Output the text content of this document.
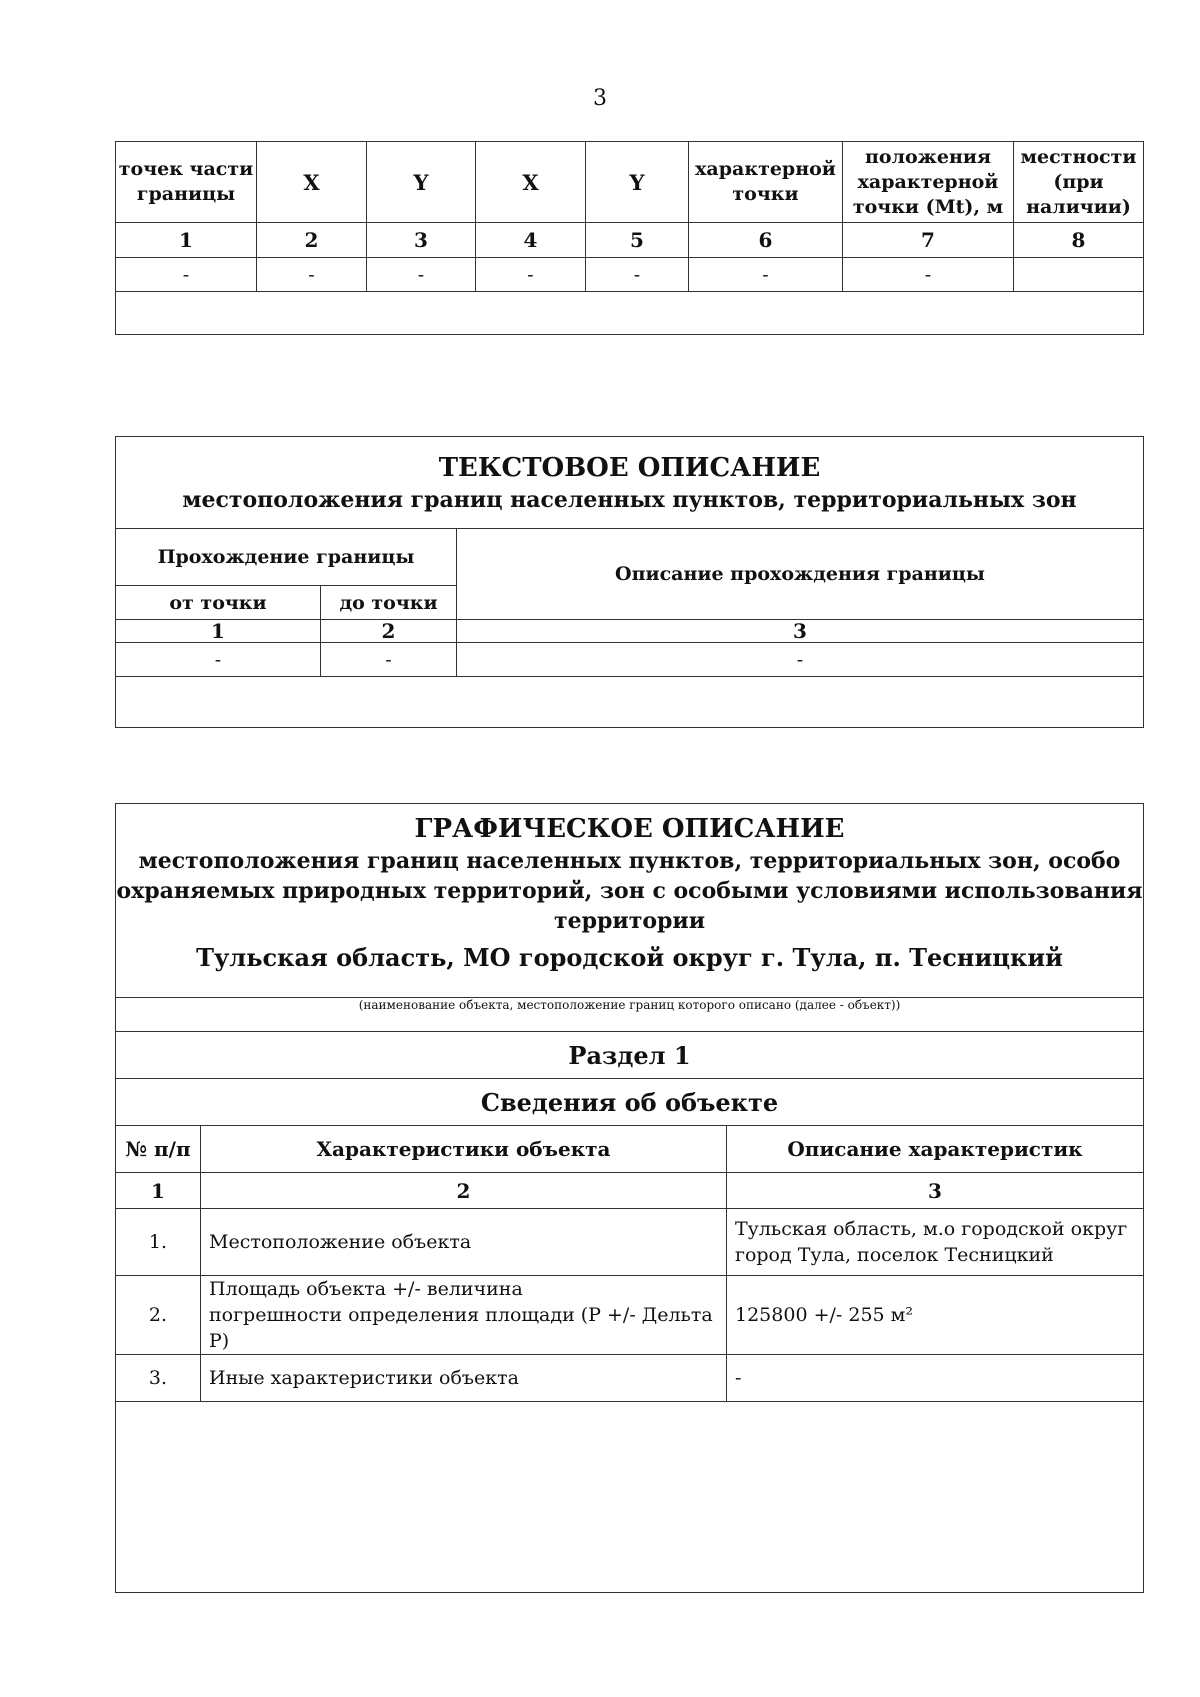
3
точек части границы	X	Y	X	Y	характерной точки	положения характерной точки (Mt), м	местности (при наличии)
1	2	3	4	5	6	7	8
-	-	-	-	-	-	-	

ТЕКСТОВОЕ ОПИСАНИЕ
местоположения границ населенных пунктов, территориальных зон		

Прохождение границы		Описание прохождения границы
от точки	до точки	
1	2	3
-	-	-

ГРАФИЧЕСКОЕ ОПИСАНИЕ
местоположения границ населенных пунктов, территориальных зон, особо
охраняемых природных территорий, зон с особыми условиями использования
территории
Тульская область, МО городской округ г. Тула, п. Тесницкий		

(наименование объекта, местоположение границ которого описано (далее - объект))		
Раздел 1		
Сведения об объекте		
№ п/п	Характеристики объекта	Описание характеристик
1	2	3
1.	Местоположение объекта	Тульская область, м.о городской округ
город Тула, поселок Тесницкий

2.	Площадь объекта +/- величина
погрешности определения площади (P +/- Дельта P)	125800 +/- 255 м²

3.	Иные характеристики объекта	-
